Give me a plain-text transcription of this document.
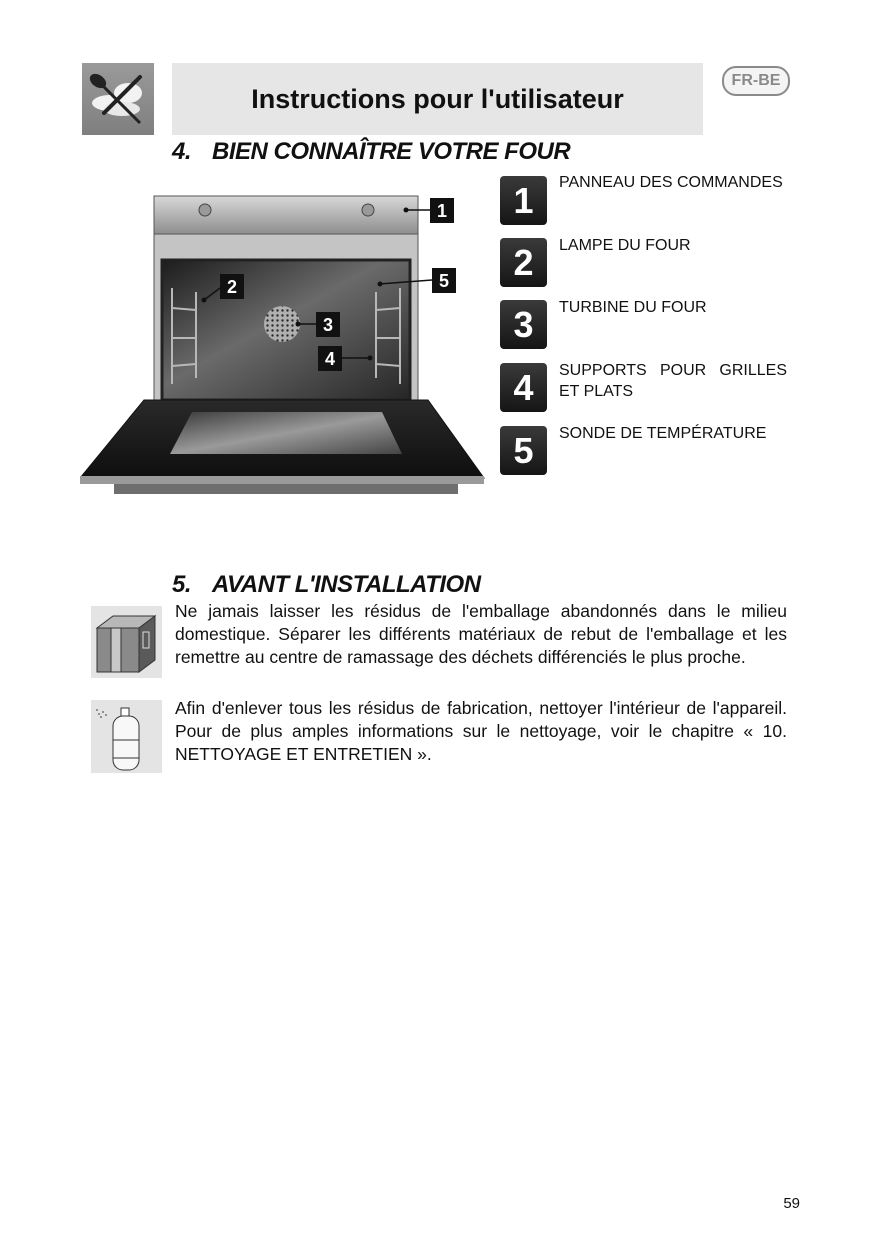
Instructions pour l'utilisateur
FR-BE
4. BIEN CONNAÎTRE VOTRE FOUR
1
2
3
4
5
1	PANNEAU DES COMMANDES
2	LAMPE DU FOUR
3	TURBINE DU FOUR
4	SUPPORTS POUR GRILLES ET PLATS
5	SONDE DE TEMPÉRATURE
5. AVANT L'INSTALLATION
Ne jamais laisser les résidus de l'emballage abandonnés dans le milieu domestique. Séparer les différents matériaux de rebut de l'emballage et les remettre au centre de ramassage des déchets différenciés le plus proche.
Afin d'enlever tous les résidus de fabrication, nettoyer l'intérieur de l'appareil. Pour de plus amples informations sur le nettoyage, voir le chapitre « 10. NETTOYAGE ET ENTRETIEN ».
59
